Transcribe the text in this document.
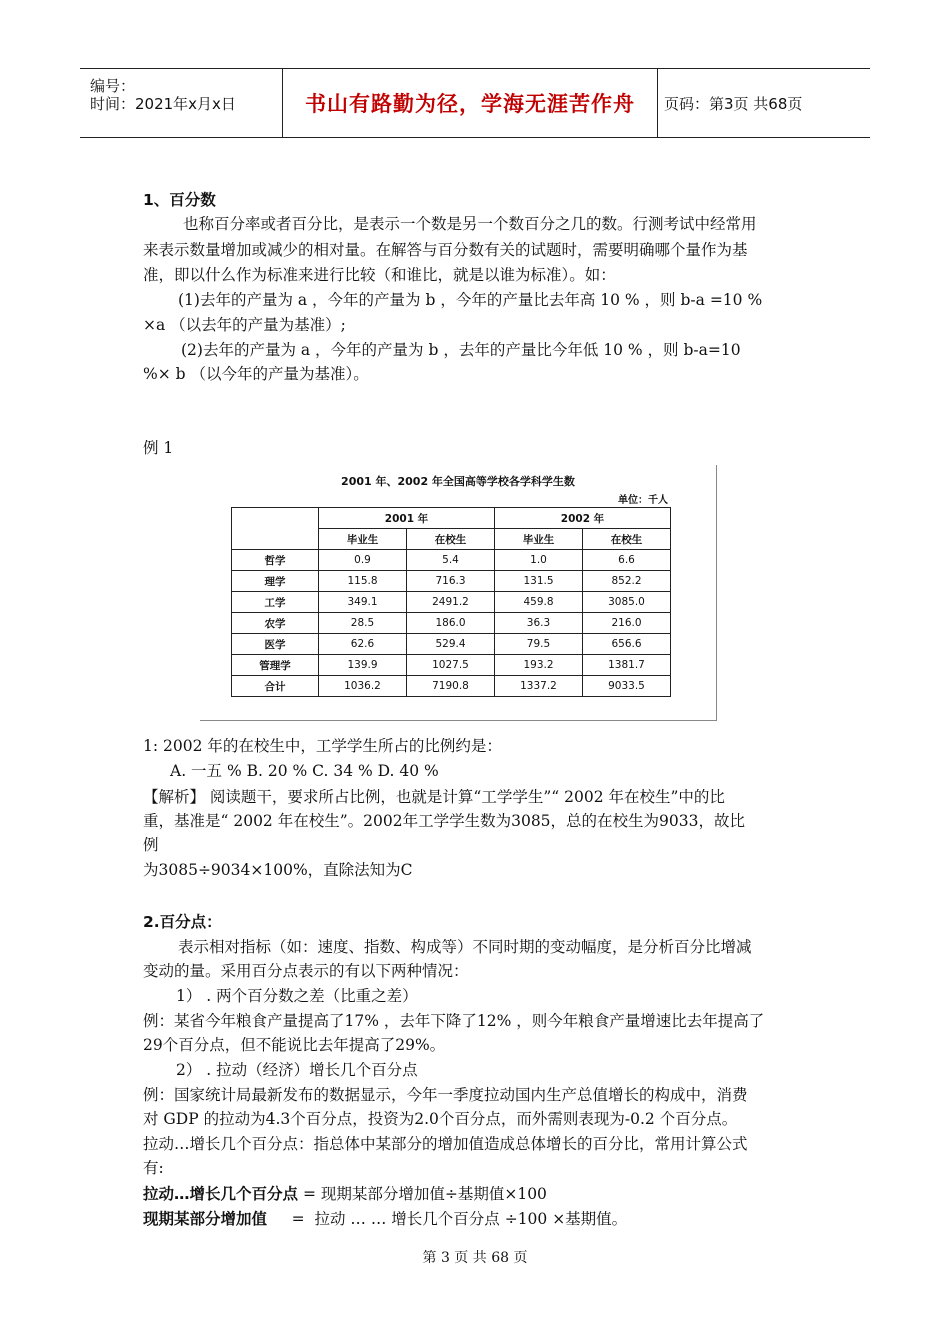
编号：
时间：2021年x月x日	书山有路勤为径，学海无涯苦作舟	页码：第3页 共68页
1、百分数
也称百分率或者百分比，是表示一个数是另一个数百分之几的数。行测考试中经常用
来表示数量增加或减少的相对量。在解答与百分数有关的试题时，需要明确哪个量作为基
准，即以什么作为标准来进行比较（和谁比，就是以谁为标准）。如：
(1)去年的产量为 a ，今年的产量为 b ，今年的产量比去年高 10 % ，则 b-a =10 %
×a （以去年的产量为基准）;
(2)去年的产量为 a ，今年的产量为 b ，去年的产量比今年低 10 % ，则 b-a=10
%× b （以今年的产量为基准）。
例 1
2001 年、2002 年全国高等学校各学科学生数
单位：千人
	2001 年		2002 年	
	毕业生	在校生	毕业生	在校生
哲学	0.9	5.4	1.0	6.6
理学	115.8	716.3	131.5	852.2
工学	349.1	2491.2	459.8	3085.0
农学	28.5	186.0	36.3	216.0
医学	62.6	529.4	79.5	656.6
管理学	139.9	1027.5	193.2	1381.7
合计	1036.2	7190.8	1337.2	9033.5
1: 2002 年的在校生中，工学学生所占的比例约是：
A. 一五 % B. 20 % C. 34 % D. 40 %
【解析】 阅读题干，要求所占比例，也就是计算“工学学生”“ 2002 年在校生”中的比
重，基准是“ 2002 年在校生”。2002年工学学生数为3085，总的在校生为9033，故比
例
为3085÷9034×100%，直除法知为C
2.百分点：
表示相对指标（如：速度、指数、构成等）不同时期的变动幅度，是分析百分比增减
变动的量。采用百分点表示的有以下两种情况：
1） . 两个百分数之差（比重之差）
例：某省今年粮食产量提高了17% ，去年下降了12% ，则今年粮食产量增速比去年提高了
29个百分点，但不能说比去年提高了29%。
2） . 拉动（经济）增长几个百分点
例：国家统计局最新发布的数据显示，今年一季度拉动国内生产总值增长的构成中，消费
对 GDP 的拉动为4.3个百分点，投资为2.0个百分点，而外需则表现为-0.2 个百分点。
拉动…增长几个百分点：指总体中某部分的增加值造成总体增长的百分比，常用计算公式
有:
拉动…增长几个百分点 = 现期某部分增加值÷基期值×100
现期某部分增加值     =  拉动 … … 增长几个百分点 ÷100 ×基期值。
第 3 页 共 68 页
